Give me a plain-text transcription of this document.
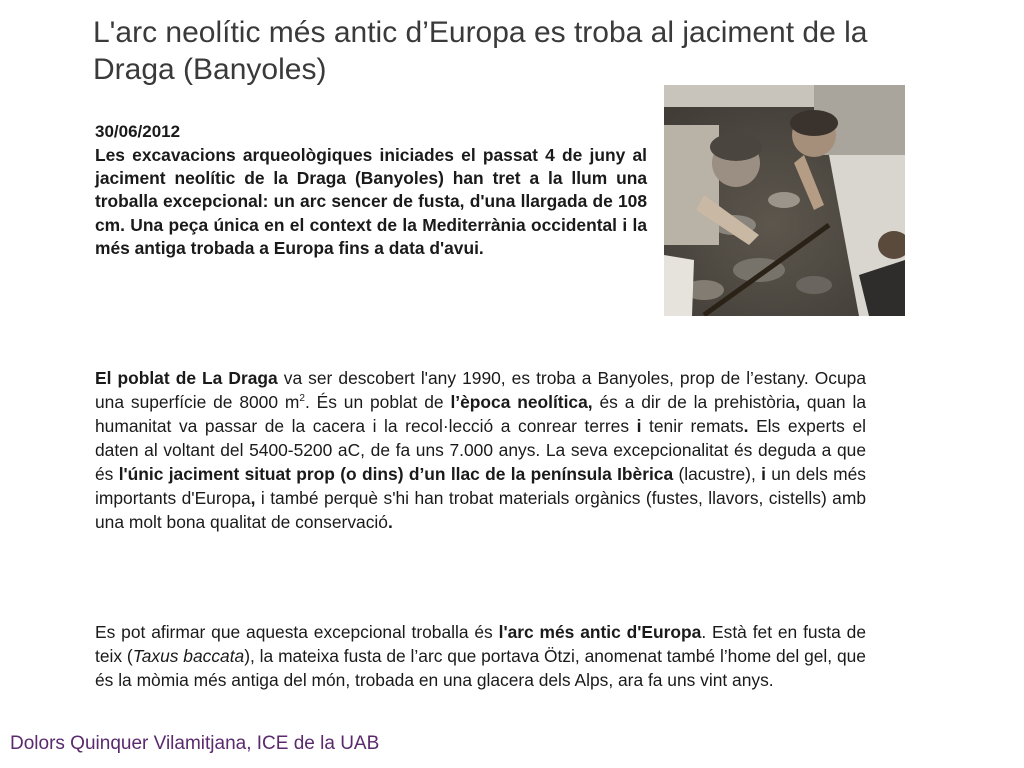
L'arc neolític més antic d’Europa es troba al jaciment de la Draga (Banyoles)
30/06/2012

Les excavacions arqueològiques iniciades el passat 4 de juny al jaciment neolític de la Draga (Banyoles) han tret a la llum una troballa excepcional: un arc sencer de fusta, d'una llargada de 108 cm. Una peça única en el context de la Mediterrània occidental i la més antiga trobada a Europa fins a data d'avui.

El poblat de La Draga va ser descobert l'any 1990, es troba a Banyoles, prop de l’estany. Ocupa una superfície de 8000 $m^2$. És un poblat de l’època neolítica, és a dir de la prehistòria, quan la humanitat va passar de la cacera i la recol·lecció a conrear terres i tenir remats. Els experts el daten al voltant del 5400-5200 aC, de fa uns 7.000 anys. La seva excepcionalitat és deguda a que és l'únic jaciment situat prop (o dins) d’un llac de la península Ibèrica (lacustre), i un dels més importants d'Europa, i també perquè s'hi han trobat materials orgànics (fustes, llavors, cistells) amb una molt bona qualitat de conservació.

Es pot afirmar que aquesta excepcional troballa és l'arc més antic d'Europa. Està fet en fusta de teix (Taxus baccata), la mateixa fusta de l’arc que portava Ötzi, anomenat també l’home del gel, que és la mòmia més antiga del món, trobada en una glacera dels Alps, ara fa uns vint anys.

Dolors Quinquer Vilamitjana, ICE de la UAB
